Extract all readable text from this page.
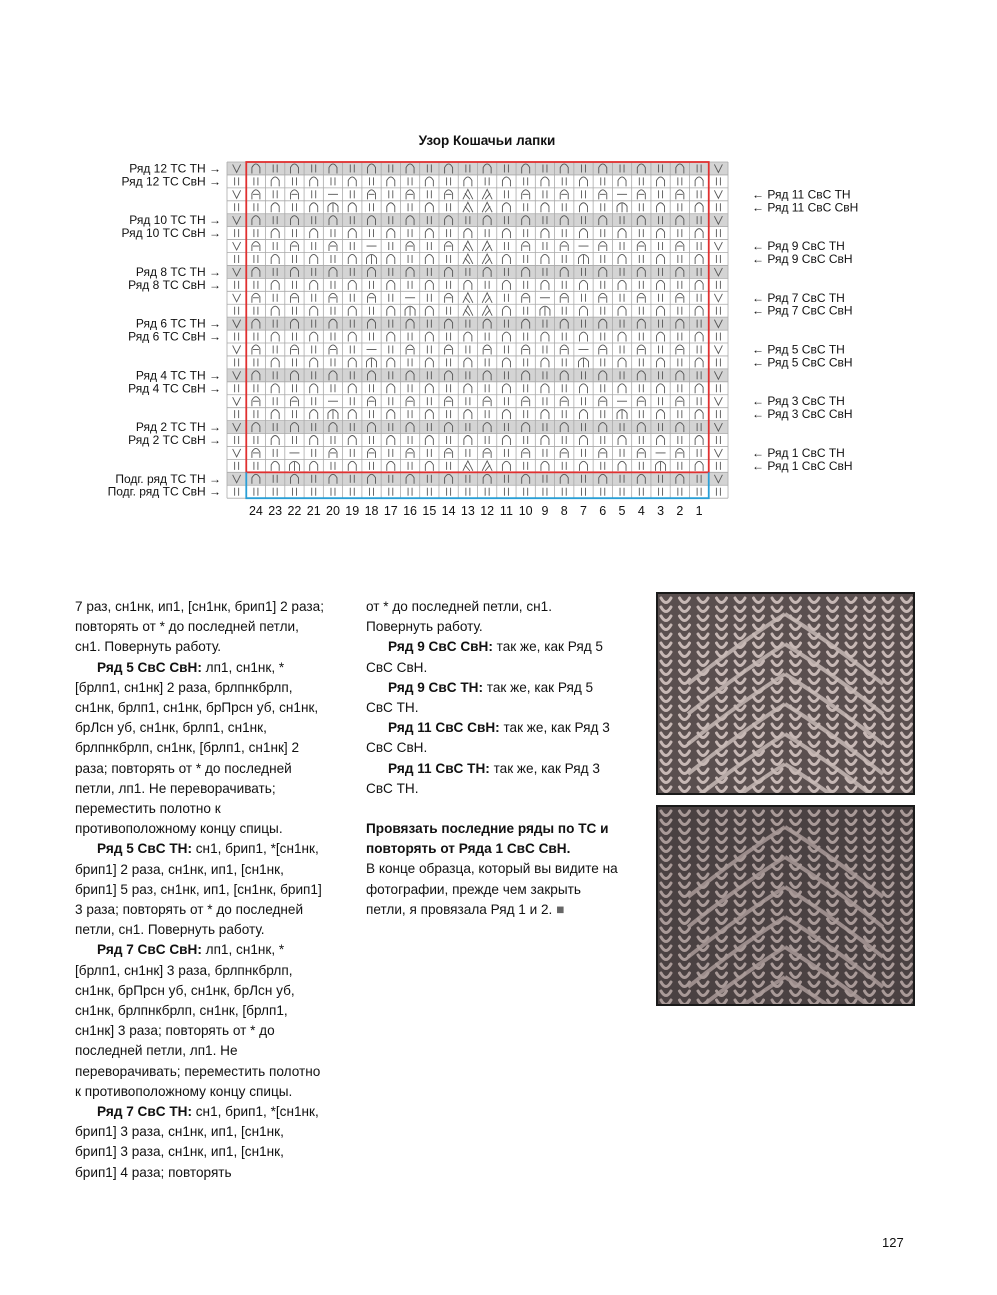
Узор Кошачьи лапки
Ряд 12 ТС ТН →
Ряд 12 ТС СвН →
Ряд 10 ТС ТН →
Ряд 10 ТС СвН →
Ряд 8 ТС ТН →
Ряд 8 ТС СвН →
Ряд 6 ТС ТН →
Ряд 6 ТС СвН →
Ряд 4 ТС ТН →
Ряд 4 ТС СвН →
Ряд 2 ТС ТН →
Ряд 2 ТС СвН →
Подг. ряд ТС ТН →
Подг. ряд ТС СвН →
← Ряд 11 СвС ТН
← Ряд 11 СвС СвН
← Ряд 9 СвС ТН
← Ряд 9 СвС СвН
← Ряд 7 СвС ТН
← Ряд 7 СвС СвН
← Ряд 5 СвС ТН
← Ряд 5 СвС СвН
← Ряд 3 СвС ТН
← Ряд 3 СвС СвН
← Ряд 1 СвС ТН
← Ряд 1 СвС СвН
24 23 22 21 20 19 18 17 16 15 14 13 12 11 10 9 8 7 6 5 4 3 2 1

7 раз, сн1нк, ип1, [сн1нк, брип1] 2 раза; повторять от * до последней петли, сн1. Повернуть работу.

Ряд 5 СвС СвН: лп1, сн1нк, *[брлп1, сн1нк] 2 раза, брлпнкбрлп, сн1нк, брлп1, сн1нк, брПрсн уб, сн1нк, брЛсн уб, сн1нк, брлп1, сн1нк, брлпнкбрлп, сн1нк, [брлп1, сн1нк] 2 раза; повторять от * до последней петли, лп1. Не переворачивать; переместить полотно к противоположному концу спицы.

Ряд 5 СвС ТН: сн1, брип1, *[сн1нк, брип1] 2 раза, сн1нк, ип1, [сн1нк, брип1] 5 раз, сн1нк, ип1, [сн1нк, брип1] 3 раза; повторять от * до последней петли, сн1. Повернуть работу.

Ряд 7 СвС СвН: лп1, сн1нк, *[брлп1, сн1нк] 3 раза, брлпнкбрлп, сн1нк, брПрсн уб, сн1нк, брЛсн уб, сн1нк, брлпнкбрлп, сн1нк, [брлп1, сн1нк] 3 раза; повторять от * до последней петли, лп1. Не переворачивать; переместить полотно к противоположному концу спицы.

Ряд 7 СвС ТН: сн1, брип1, *[сн1нк, брип1] 3 раза, сн1нк, ип1, [сн1нк, брип1] 3 раза, сн1нк, ип1, [сн1нк, брип1] 4 раза; повторять

от * до последней петли, сн1. Повернуть работу.

Ряд 9 СвС СвН: так же, как Ряд 5 СвС СвН.

Ряд 9 СвС ТН: так же, как Ряд 5 СвС ТН.

Ряд 11 СвС СвН: так же, как Ряд 3 СвС СвН.

Ряд 11 СвС ТН: так же, как Ряд 3 СвС ТН.

Провязать последние ряды по ТС и повторять от Ряда 1 СвС СвН.
В конце образца, который вы видите на фотографии, прежде чем закрыть петли, я провязала Ряд 1 и 2. ■

127
